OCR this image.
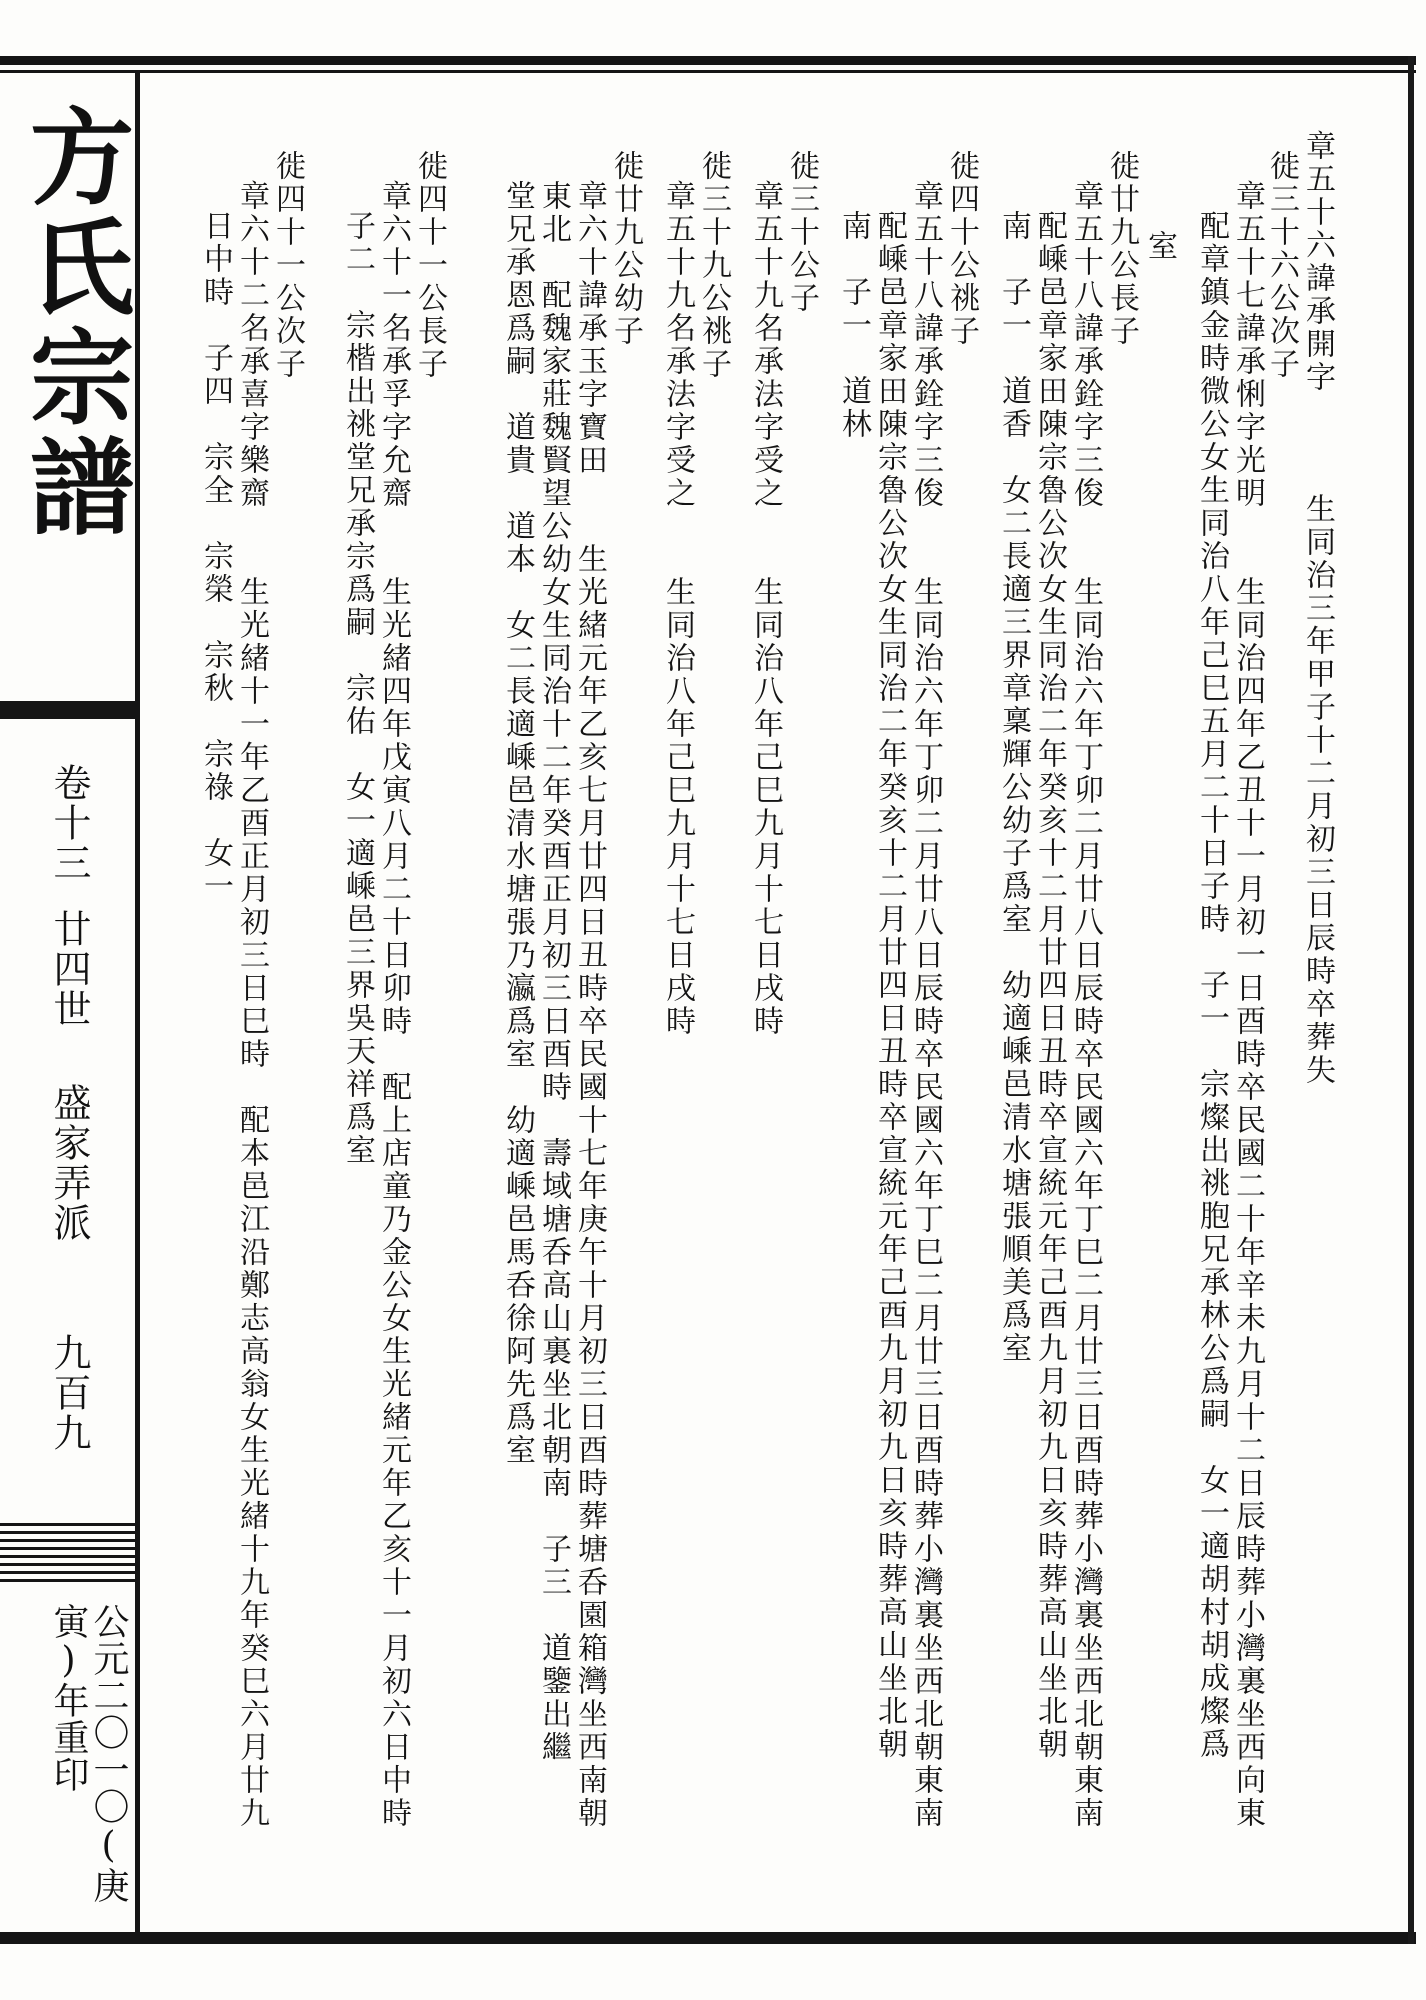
方氏宗譜
卷十三
廿四世
盛家弄派
九百九
公元二〇一〇(庚寅)年重印
章五十六諱承開字　　　生同治三年甲子十二月初三日辰時卒葬失
徙三十六公次子
章五十七諱承悧字光明　　生同治四年乙丑十一月初一日酉時卒民國二十年辛未九月十二日辰時葬小灣裏坐西向東
配章鎮金時微公女生同治八年己巳五月二十日子時　子一　宗燦出祧胞兄承林公爲嗣　女一適胡村胡成燦爲
室
徙廿九公長子
章五十八諱承銓字三俊　　生同治六年丁卯二月廿八日辰時卒民國六年丁巳二月廿三日酉時葬小灣裏坐西北朝東南
配嵊邑章家田陳宗魯公次女生同治二年癸亥十二月廿四日丑時卒宣統元年己酉九月初九日亥時葬高山坐北朝
南　子一　道香　女二長適三界章稟輝公幼子爲室　幼適嵊邑清水塘張順美爲室
徙四十公祧子
章五十八諱承銓字三俊　　生同治六年丁卯二月廿八日辰時卒民國六年丁巳二月廿三日酉時葬小灣裏坐西北朝東南
配嵊邑章家田陳宗魯公次女生同治二年癸亥十二月廿四日丑時卒宣統元年己酉九月初九日亥時葬高山坐北朝
南　子一　道林
徙三十公子
章五十九名承法字受之　　生同治八年己巳九月十七日戌時
徙三十九公祧子
章五十九名承法字受之　　生同治八年己巳九月十七日戌時
徙廿九公幼子
章六十諱承玉字寶田　　生光緒元年乙亥七月廿四日丑時卒民國十七年庚午十月初三日酉時葬塘呑園箱灣坐西南朝
東北　配魏家莊魏賢望公幼女生同治十二年癸酉正月初三日酉時　壽域塘呑高山裏坐北朝南　子三　道鑒出繼
堂兄承恩爲嗣　道貴　道本　女二長適嵊邑清水塘張乃瀛爲室　幼適嵊邑馬呑徐阿先爲室
徙四十一公長子
章六十一名承孚字允齋　　生光緒四年戊寅八月二十日卯時　配上店童乃金公女生光緒元年乙亥十一月初六日中時
子二　宗楷出祧堂兄承宗爲嗣　宗佑　女一適嵊邑三界吳天祥爲室
徙四十一公次子
章六十二名承喜字樂齋　　生光緒十一年乙酉正月初三日巳時　配本邑江沿鄭志高翁女生光緒十九年癸巳六月廿九
日中時　子四　宗全　宗榮　宗秋　宗祿　女一
